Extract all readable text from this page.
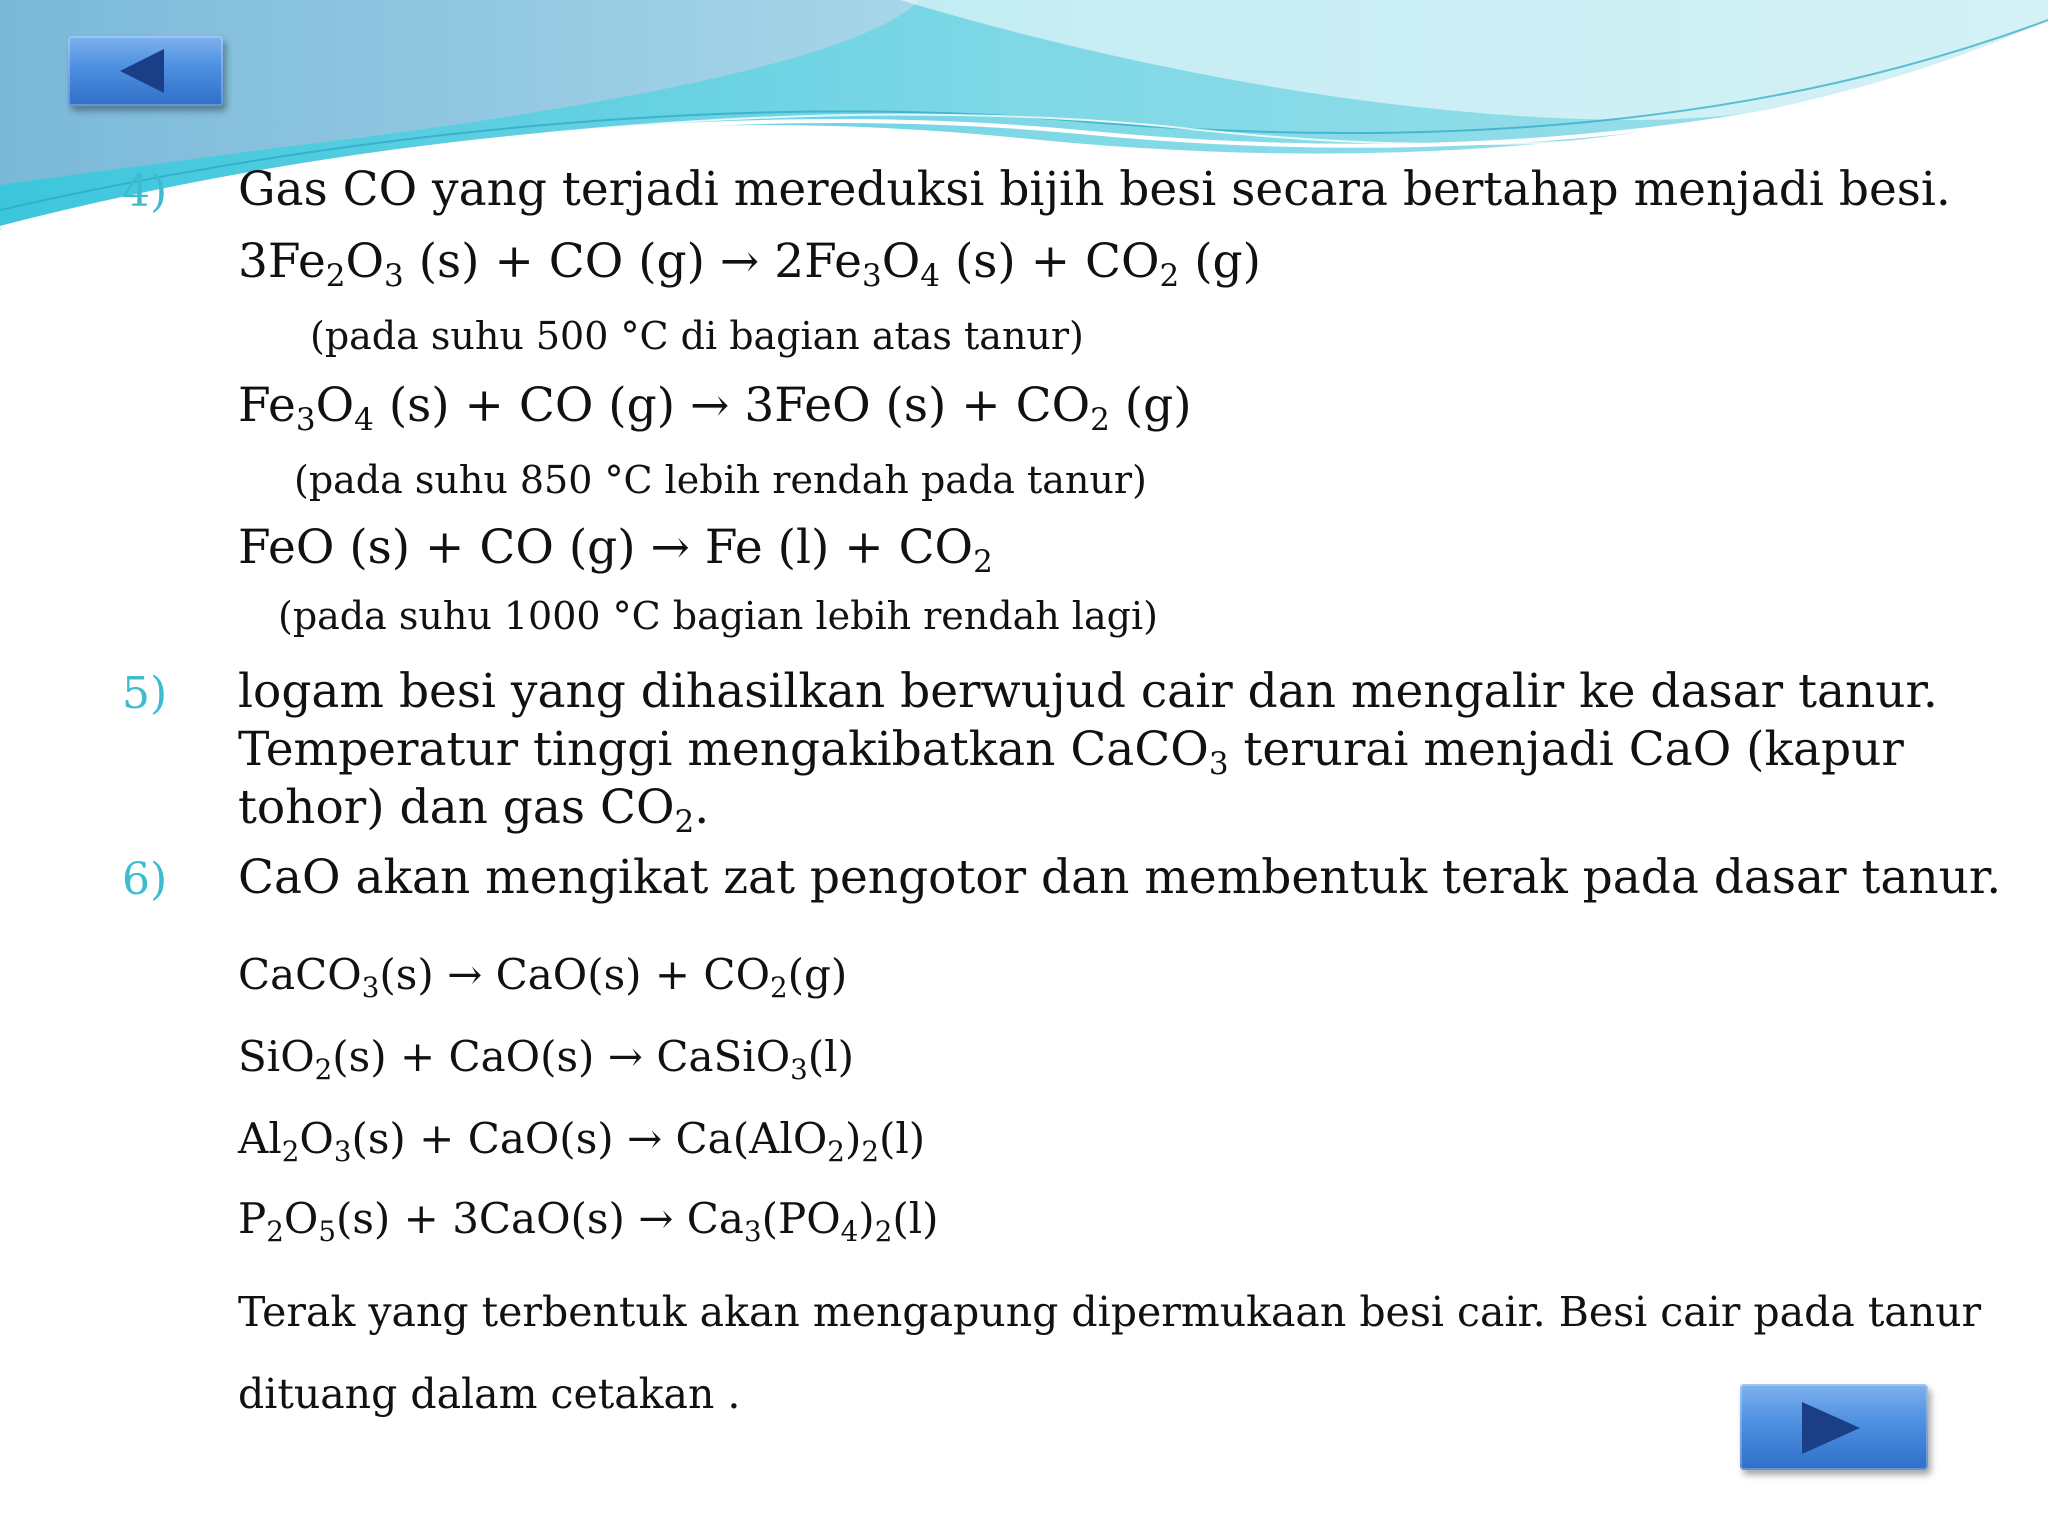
4) Gas CO yang terjadi mereduksi bijih besi secara bertahap menjadi besi.
3Fe2O3 (s) + CO (g) → 2Fe3O4 (s) + CO2 (g)
(pada suhu 500 °C di bagian atas tanur)
Fe3O4 (s) + CO (g) → 3FeO (s) + CO2 (g)
(pada suhu 850 °C lebih rendah pada tanur)
FeO (s) + CO (g) → Fe (l) + CO2
(pada suhu 1000 °C bagian lebih rendah lagi)
5) logam besi yang dihasilkan berwujud cair dan mengalir ke dasar tanur.
Temperatur tinggi mengakibatkan CaCO3 terurai menjadi CaO (kapur
tohor) dan gas CO2.
6) CaO akan mengikat zat pengotor dan membentuk terak pada dasar tanur.
CaCO3(s) → CaO(s) + CO2(g)
SiO2(s) + CaO(s) → CaSiO3(l)
Al2O3(s) + CaO(s) → Ca(AlO2)2(l)
P2O5(s) + 3CaO(s) → Ca3(PO4)2(l)
Terak yang terbentuk akan mengapung dipermukaan besi cair. Besi cair pada tanur
dituang dalam cetakan .
